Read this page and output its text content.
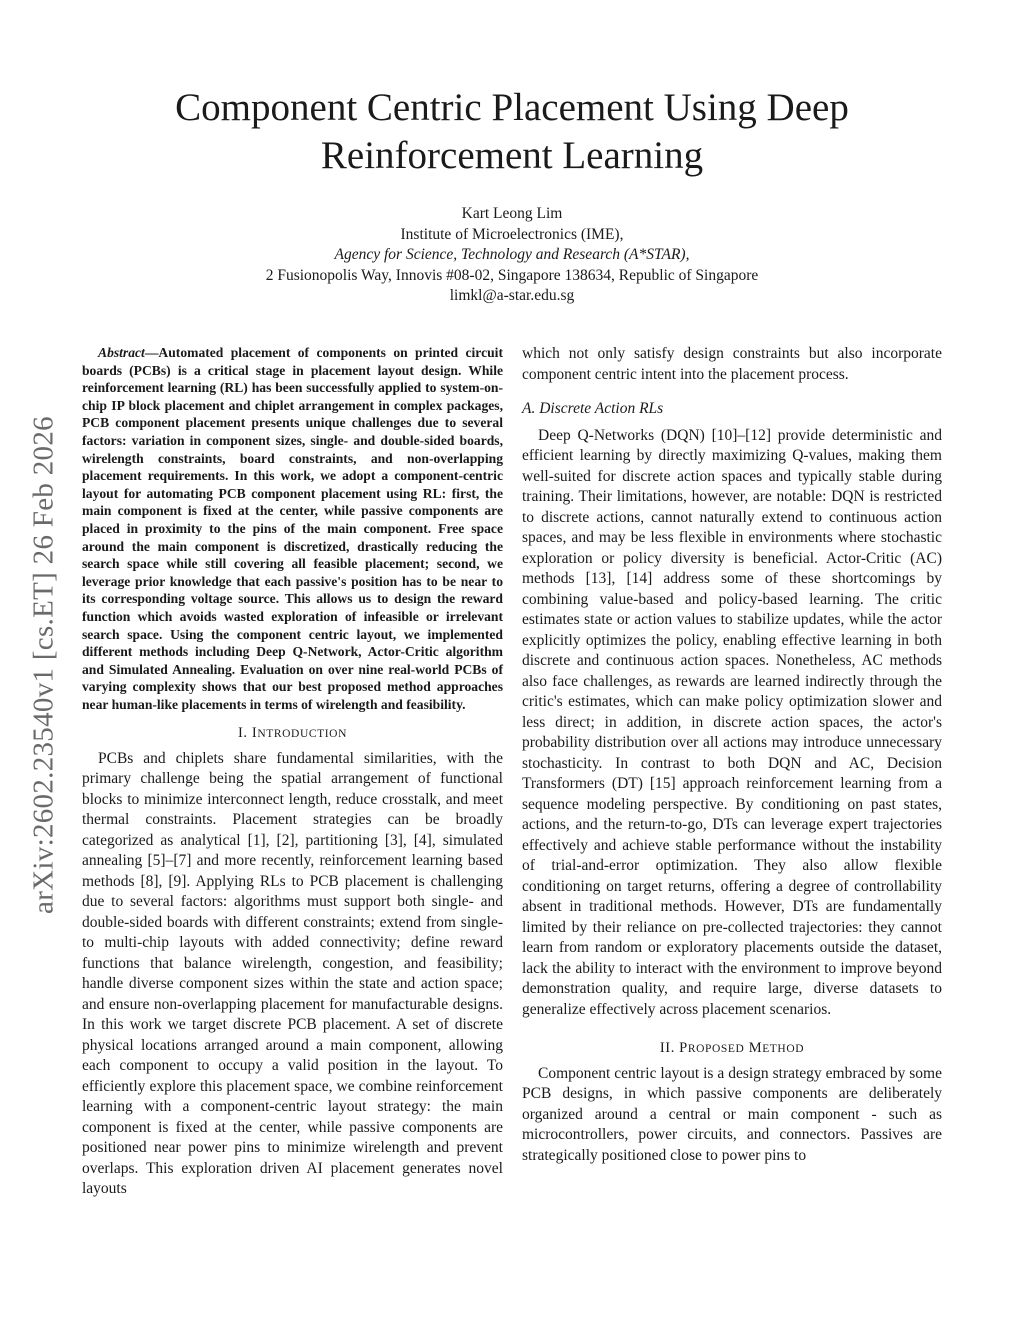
Component Centric Placement Using Deep Reinforcement Learning
Kart Leong Lim
Institute of Microelectronics (IME),
Agency for Science, Technology and Research (A*STAR),
2 Fusionopolis Way, Innovis #08-02, Singapore 138634, Republic of Singapore
limkl@a-star.edu.sg
arXiv:2602.23540v1 [cs.ET] 26 Feb 2026

Abstract—Automated placement of components on printed circuit boards (PCBs) is a critical stage in placement layout design. While reinforcement learning (RL) has been successfully applied to system-on-chip IP block placement and chiplet arrangement in complex packages, PCB component placement presents unique challenges due to several factors: variation in component sizes, single- and double-sided boards, wirelength constraints, board constraints, and non-overlapping placement requirements. In this work, we adopt a component-centric layout for automating PCB component placement using RL: first, the main component is fixed at the center, while passive components are placed in proximity to the pins of the main component. Free space around the main component is discretized, drastically reducing the search space while still covering all feasible placement; second, we leverage prior knowledge that each passive's position has to be near to its corresponding voltage source. This allows us to design the reward function which avoids wasted exploration of infeasible or irrelevant search space. Using the component centric layout, we implemented different methods including Deep Q-Network, Actor-Critic algorithm and Simulated Annealing. Evaluation on over nine real-world PCBs of varying complexity shows that our best proposed method approaches near human-like placements in terms of wirelength and feasibility.

I. INTRODUCTION

PCBs and chiplets share fundamental similarities, with the primary challenge being the spatial arrangement of functional blocks to minimize interconnect length, reduce crosstalk, and meet thermal constraints. Placement strategies can be broadly categorized as analytical [1], [2], partitioning [3], [4], simulated annealing [5]–[7] and more recently, reinforcement learning based methods [8], [9]. Applying RLs to PCB placement is challenging due to several factors: algorithms must support both single- and double-sided boards with different constraints; extend from single- to multi-chip layouts with added connectivity; define reward functions that balance wirelength, congestion, and feasibility; handle diverse component sizes within the state and action space; and ensure non-overlapping placement for manufacturable designs. In this work we target discrete PCB placement. A set of discrete physical locations arranged around a main component, allowing each component to occupy a valid position in the layout. To efficiently explore this placement space, we combine reinforcement learning with a component-centric layout strategy: the main component is fixed at the center, while passive components are positioned near power pins to minimize wirelength and prevent overlaps. This exploration driven AI placement generates novel layouts

which not only satisfy design constraints but also incorporate component centric intent into the placement process.

A. Discrete Action RLs

Deep Q-Networks (DQN) [10]–[12] provide deterministic and efficient learning by directly maximizing Q-values, making them well-suited for discrete action spaces and typically stable during training. Their limitations, however, are notable: DQN is restricted to discrete actions, cannot naturally extend to continuous action spaces, and may be less flexible in environments where stochastic exploration or policy diversity is beneficial. Actor-Critic (AC) methods [13], [14] address some of these shortcomings by combining value-based and policy-based learning. The critic estimates state or action values to stabilize updates, while the actor explicitly optimizes the policy, enabling effective learning in both discrete and continuous action spaces. Nonetheless, AC methods also face challenges, as rewards are learned indirectly through the critic's estimates, which can make policy optimization slower and less direct; in addition, in discrete action spaces, the actor's probability distribution over all actions may introduce unnecessary stochasticity. In contrast to both DQN and AC, Decision Transformers (DT) [15] approach reinforcement learning from a sequence modeling perspective. By conditioning on past states, actions, and the return-to-go, DTs can leverage expert trajectories effectively and achieve stable performance without the instability of trial-and-error optimization. They also allow flexible conditioning on target returns, offering a degree of controllability absent in traditional methods. However, DTs are fundamentally limited by their reliance on pre-collected trajectories: they cannot learn from random or exploratory placements outside the dataset, lack the ability to interact with the environment to improve beyond demonstration quality, and require large, diverse datasets to generalize effectively across placement scenarios.

II. PROPOSED METHOD

Component centric layout is a design strategy embraced by some PCB designs, in which passive components are deliberately organized around a central or main component - such as microcontrollers, power circuits, and connectors. Passives are strategically positioned close to power pins to
